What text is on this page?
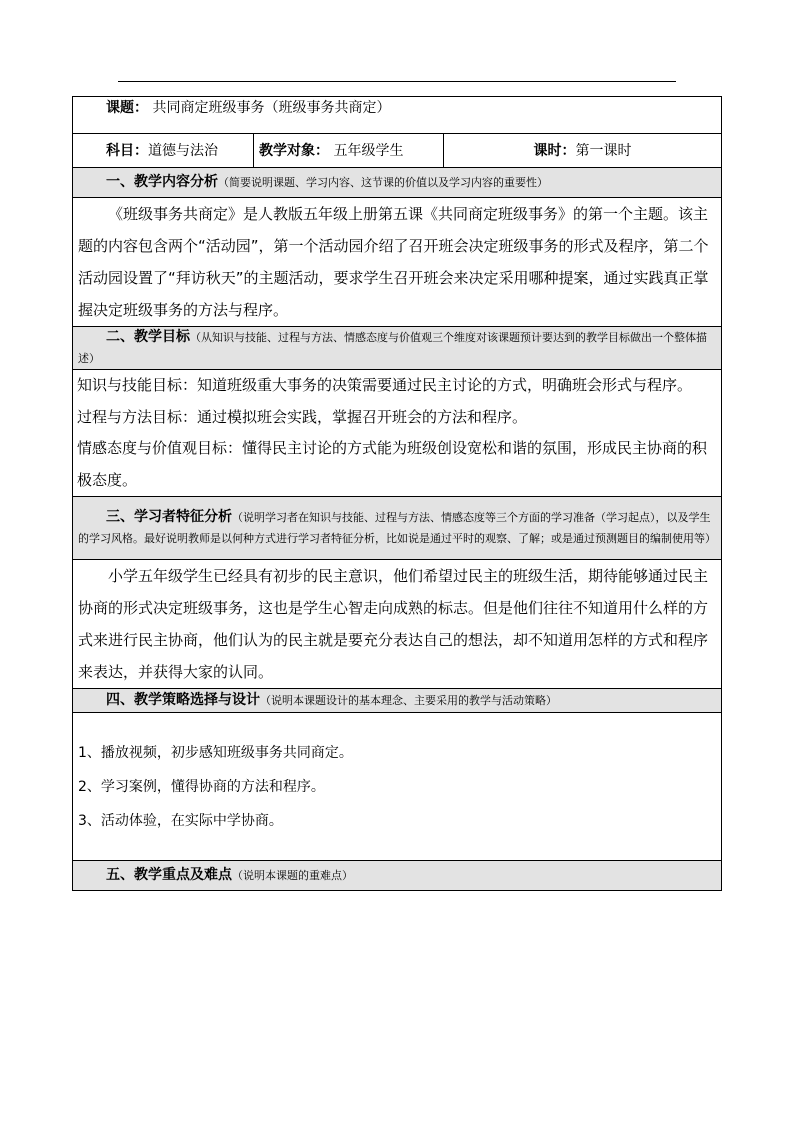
课题： 共同商定班级事务（班级事务共商定）
科目：道德与法治	教学对象： 五年级学生	课时：第一课时
一、教学内容分析（简要说明课题、学习内容、这节课的价值以及学习内容的重要性）
《班级事务共商定》是人教版五年级上册第五课《共同商定班级事务》的第一个主题。该主题的内容包含两个“活动园”，第一个活动园介绍了召开班会决定班级事务的形式及程序，第二个活动园设置了“拜访秋天”的主题活动，要求学生召开班会来决定采用哪种提案，通过实践真正掌握决定班级事务的方法与程序。
二、教学目标（从知识与技能、过程与方法、情感态度与价值观三个维度对该课题预计要达到的教学目标做出一个整体描述）

知识与技能目标：知道班级重大事务的决策需要通过民主讨论的方式，明确班会形式与程序。
过程与方法目标：通过模拟班会实践，掌握召开班会的方法和程序。
情感态度与价值观目标：懂得民主讨论的方式能为班级创设宽松和谐的氛围，形成民主协商的积极态度。

三、学习者特征分析（说明学习者在知识与技能、过程与方法、情感态度等三个方面的学习准备（学习起点），以及学生的学习风格。最好说明教师是以何种方式进行学习者特征分析，比如说是通过平时的观察、了解；或是通过预测题目的编制使用等）
小学五年级学生已经具有初步的民主意识，他们希望过民主的班级生活，期待能够通过民主协商的形式决定班级事务，这也是学生心智走向成熟的标志。但是他们往往不知道用什么样的方式来进行民主协商，他们认为的民主就是要充分表达自己的想法，却不知道用怎样的方式和程序来表达，并获得大家的认同。
四、教学策略选择与设计（说明本课题设计的基本理念、主要采用的教学与活动策略）

1、播放视频，初步感知班级事务共同商定。

2、学习案例，懂得协商的方法和程序。

3、活动体验，在实际中学协商。

五、教学重点及难点（说明本课题的重难点）
